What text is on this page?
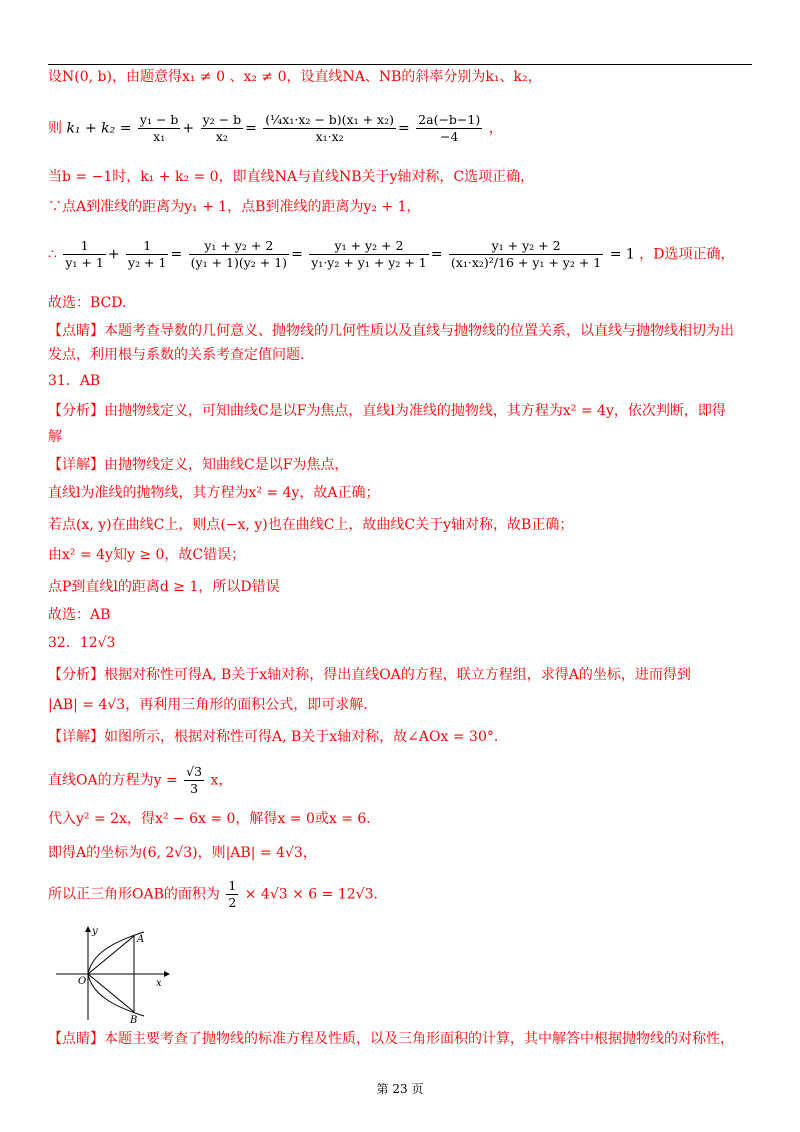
设N(0, b)，由题意得x₁ ≠ 0 、x₂ ≠ 0，设直线NA、NB的斜率分别为k₁、k₂，
则 $k_1 + k_2 = \frac{\text{y₁ − b}}{\text{x₁}} + \frac{\text{y₂ − b}}{\text{x₂}} = \frac{\text{(¼x₁·x₂ − b)(x₁ + x₂)}}{\text{x₁·x₂}} = \frac{2a(-b-1)}{-4}$ ，
当b = −1时，k₁ + k₂ = 0，即直线NA与直线NB关于y轴对称，C选项正确，
∵点A到准线的距离为y₁ + 1，点B到准线的距离为y₂ + 1，
∴ $\frac{1}{\text{y₁ + 1}} + \frac{1}{\text{y₂ + 1}} = \frac{\text{y₁ + y₂ + 2}}{\text{(y₁ + 1)(y₂ + 1)}} = \frac{\text{y₁ + y₂ + 2}}{\text{y₁·y₂ + y₁ + y₂ + 1}} = \frac{\text{y₁ + y₂ + 2}}{\text{(x₁·x₂)²/16 + y₁ + y₂ + 1}} = 1$ ，D选项正确，
故选：BCD.
【点睛】本题考查导数的几何意义、抛物线的几何性质以及直线与抛物线的位置关系，以直线与抛物线相切为出
发点，利用根与系数的关系考查定值问题.
31．AB
【分析】由抛物线定义，可知曲线C是以F为焦点，直线l为准线的抛物线，其方程为x² = 4y，依次判断，即得
解
【详解】由抛物线定义，知曲线C是以F为焦点，
直线l为准线的抛物线，其方程为x² = 4y，故A正确；
若点(x, y)在曲线C上，则点(−x, y)也在曲线C上，故曲线C关于y轴对称，故B正确；
由x² = 4y知y ≥ 0，故C错误；
点P到直线l的距离d ≥ 1，所以D错误
故选：AB
32．12√3
【分析】根据对称性可得A, B关于x轴对称，得出直线OA的方程，联立方程组，求得A的坐标，进而得到
|AB| = 4√3，再利用三角形的面积公式，即可求解.
【详解】如图所示，根据对称性可得A, B关于x轴对称，故∠AOx = 30°.
直线OA的方程为$y = \frac{√3}{3}$ x，
代入y² = 2x，得x² − 6x = 0，解得x = 0或x = 6.
即得A的坐标为(6, 2√3)，则|AB| = 4√3，
所以正三角形OAB的面积为 $\frac{1}{2} \times 4√3 \times 6 = 12√3$.
y
x
O
A
B
【点睛】本题主要考查了抛物线的标准方程及性质，以及三角形面积的计算，其中解答中根据抛物线的对称性，
第 23 页
